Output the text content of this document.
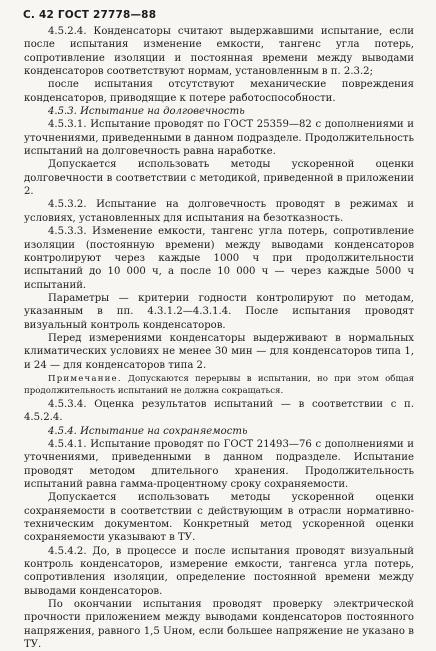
С. 42 ГОСТ 27778—88

4.5.2.4. Конденсаторы считают выдержавшими испытание, если после испытания изменение емкости, тангенс угла потерь, сопротивление изоляции и постоянная времени между выводами конденсаторов соответствуют нормам, установленным в п. 2.3.2;

после испытания отсутствуют механические повреждения конденсаторов, приводящие к потере работоспособности.

4.5.3. Испытание на долговечность

4.5.3.1. Испытание проводят по ГОСТ 25359—82 с дополнениями и уточнениями, приведенными в данном подразделе. Продолжительность испытаний на долговечность равна наработке.

Допускается использовать методы ускоренной оценки долговечности в соответствии с методикой, приведенной в приложении 2.

4.5.3.2. Испытание на долговечность проводят в режимах и условиях, установленных для испытания на безотказность.

4.5.3.3. Изменение емкости, тангенс угла потерь, сопротивление изоляции (постоянную времени) между выводами конденсаторов контролируют через каждые 1000 ч при продолжительности испытаний до 10 000 ч, а после 10 000 ч — через каждые 5000 ч испытаний.

Параметры — критерии годности контролируют по методам, указанным в пп. 4.3.1.2—4.3.1.4. После испытания проводят визуальный контроль конденсаторов.

Перед измерениями конденсаторы выдерживают в нормальных климатических условиях не менее 30 мин — для конденсаторов типа 1, и 24 — для конденсаторов типа 2.

Примечание. Допускаются перерывы в испытании, но при этом общая продолжительность испытаний не должна сокращаться.

4.5.3.4. Оценка результатов испытаний — в соответствии с п. 4.5.2.4.

4.5.4. Испытание на сохраняемость

4.5.4.1. Испытание проводят по ГОСТ 21493—76 с дополнениями и уточнениями, приведенными в данном подразделе. Испытание проводят методом длительного хранения. Продолжительность испытаний равна гамма-процентному сроку сохраняемости.

Допускается использовать методы ускоренной оценки сохраняемости в соответствии с действующим в отрасли нормативно-техническим документом. Конкретный метод ускоренной оценки сохраняемости указывают в ТУ.

4.5.4.2. До, в процессе и после испытания проводят визуальный контроль конденсаторов, измерение емкости, тангенса угла потерь, сопротивления изоляции, определение постоянной времени между выводами конденсаторов.

По окончании испытания проводят проверку электрической прочности приложением между выводами конденсаторов постоянного напряжения, равного 1,5 Uном, если большее напряжение не указано в ТУ.
